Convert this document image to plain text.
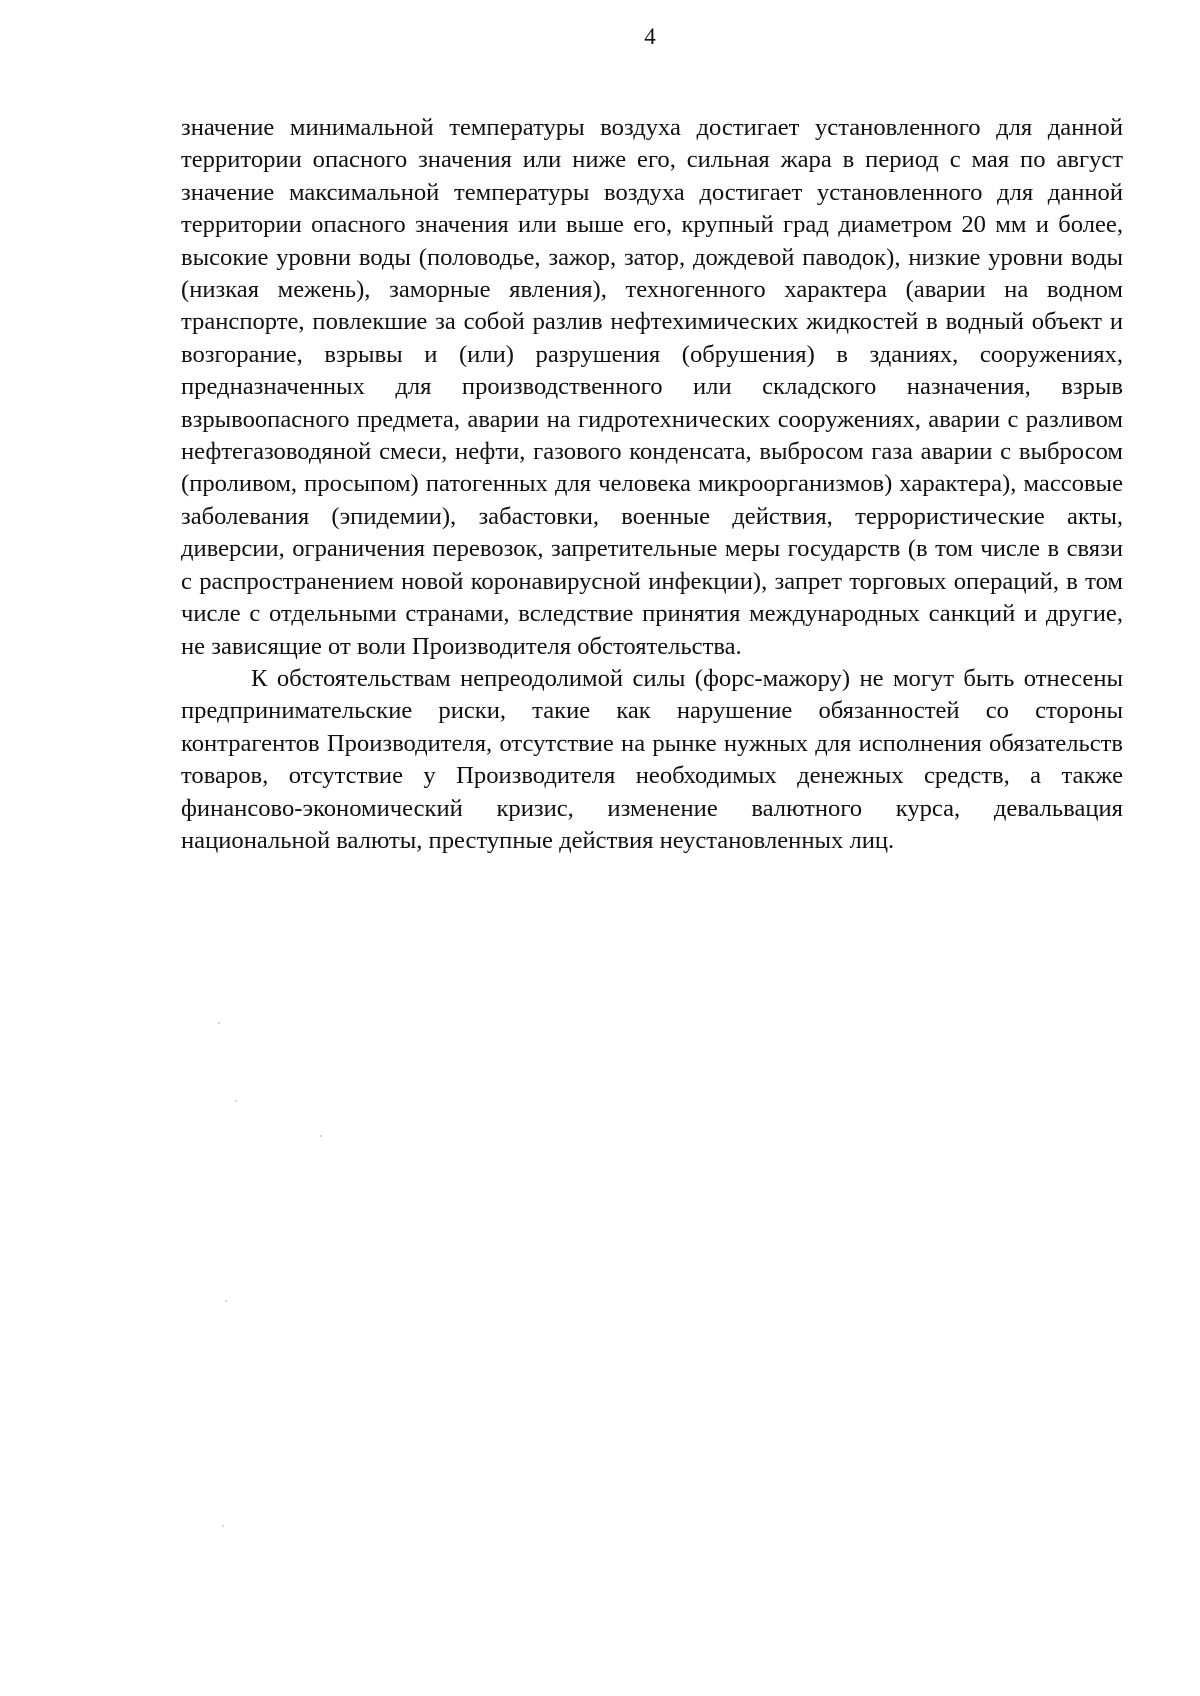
4

значение минимальной температуры воздуха достигает установленного для данной территории опасного значения или ниже его, сильная жара в период с мая по август значение максимальной температуры воздуха достигает установленного для данной территории опасного значения или выше его, крупный град диаметром 20 мм и более, высокие уровни воды (половодье, зажор, затор, дождевой паводок), низкие уровни воды (низкая межень), заморные явления), техногенного характера (аварии на водном транспорте, повлекшие за собой разлив нефтехимических жидкостей в водный объект и возгорание, взрывы и (или) разрушения (обрушения) в зданиях, сооружениях, предназначенных для производственного или складского назначения, взрыв взрывоопасного предмета, аварии на гидротехнических сооружениях, аварии с разливом нефтегазоводяной смеси, нефти, газового конденсата, выбросом газа аварии с выбросом (проливом, просыпом) патогенных для человека микроорганизмов) характера), массовые заболевания (эпидемии), забастовки, военные действия, террористические акты, диверсии, ограничения перевозок, запретительные меры государств (в том числе в связи с распространением новой коронавирусной инфекции), запрет торговых операций, в том числе с отдельными странами, вследствие принятия международных санкций и другие, не зависящие от воли Производителя обстоятельства.

К обстоятельствам непреодолимой силы (форс-мажору) не могут быть отнесены предпринимательские риски, такие как нарушение обязанностей со стороны контрагентов Производителя, отсутствие на рынке нужных для исполнения обязательств товаров, отсутствие у Производителя необходимых денежных средств, а также финансово-экономический кризис, изменение валютного курса, девальвация национальной валюты, преступные действия неустановленных лиц.
